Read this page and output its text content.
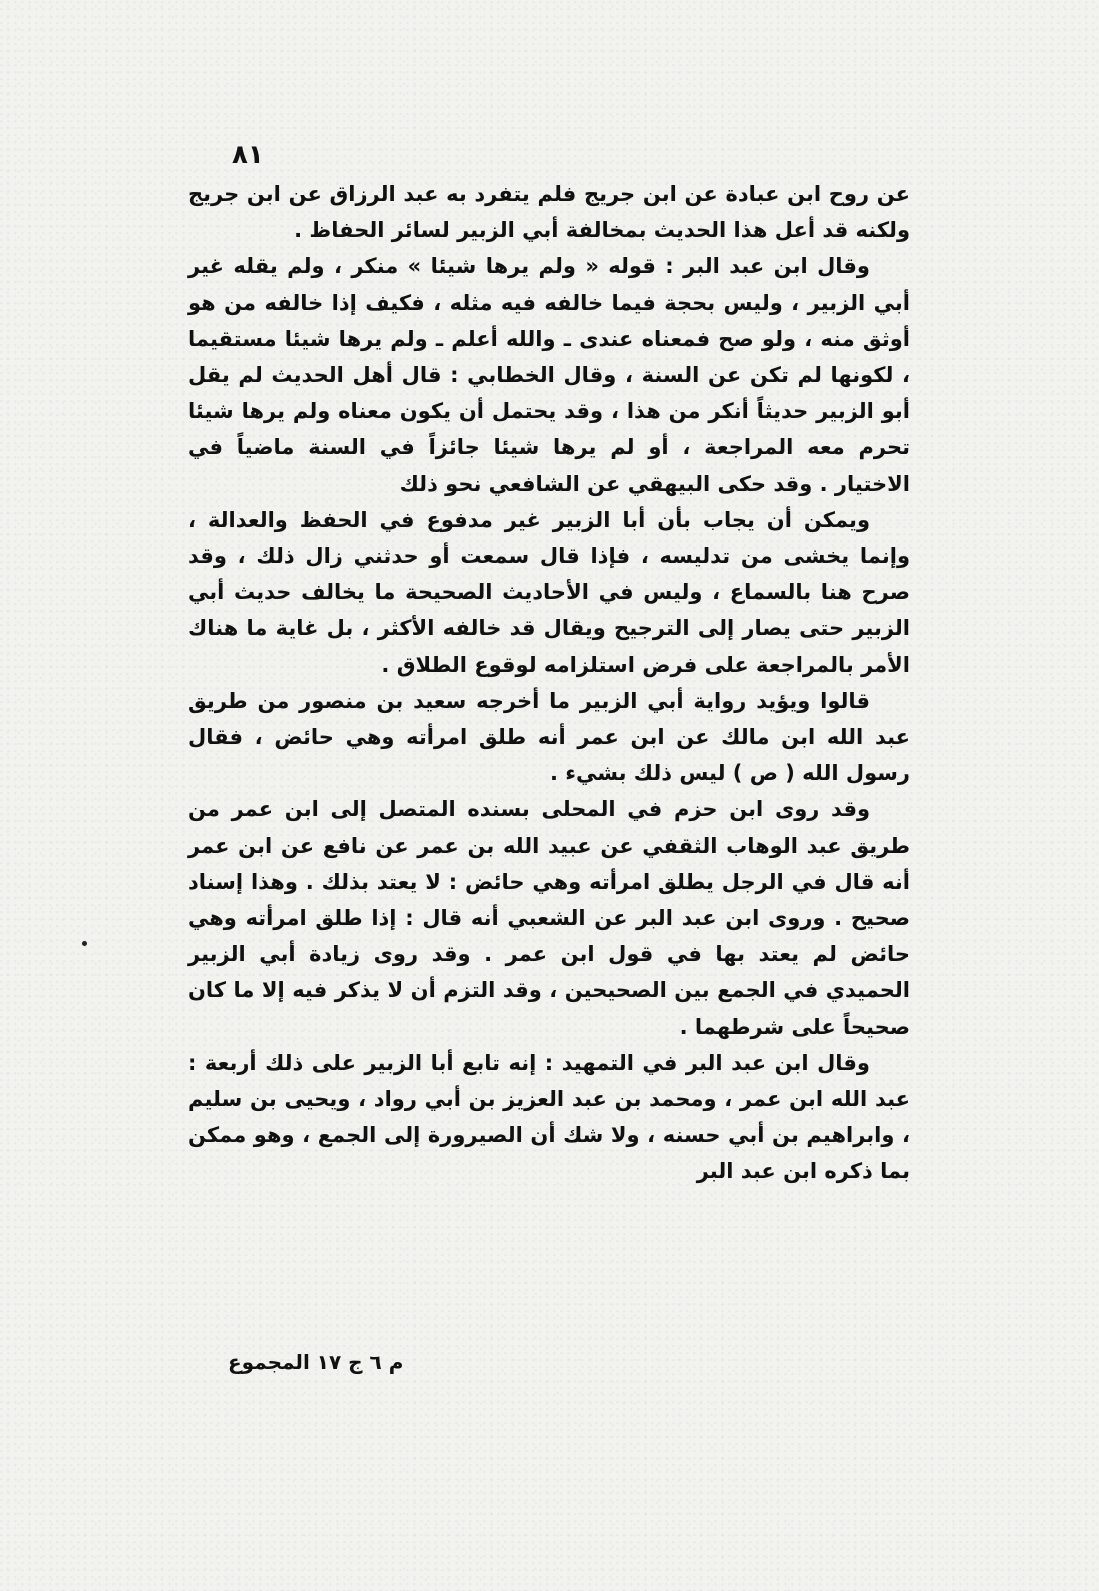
٨١

عن روح ابن عبادة عن ابن جريج فلم يتفرد به عبد الرزاق عن ابن جريج ولكنه قد أعل هذا الحديث بمخالفة أبي الزبير لسائر الحفاظ .

وقال ابن عبد البر : قوله « ولم يرها شيئا » منكر ، ولم يقله غير أبي الزبير ، وليس بحجة فيما خالفه فيه مثله ، فكيف إذا خالفه من هو أوثق منه ، ولو صح فمعناه عندى ـ والله أعلم ـ ولم يرها شيئا مستقيما ، لكونها لم تكن عن السنة ، وقال الخطابي : قال أهل الحديث لم يقل أبو الزبير حديثاً أنكر من هذا ، وقد يحتمل أن يكون معناه ولم يرها شيئا تحرم معه المراجعة ، أو لم يرها شيئا جائزاً في السنة ماضياً في الاختيار . وقد حكى البيهقي عن الشافعي نحو ذلك

ويمكن أن يجاب بأن أبا الزبير غير مدفوع في الحفظ والعدالة ، وإنما يخشى من تدليسه ، فإذا قال سمعت أو حدثني زال ذلك ، وقد صرح هنا بالسماع ، وليس في الأحاديث الصحيحة ما يخالف حديث أبي الزبير حتى يصار إلى الترجيح ويقال قد خالفه الأكثر ، بل غاية ما هناك الأمر بالمراجعة على فرض استلزامه لوقوع الطلاق .

قالوا ويؤيد رواية أبي الزبير ما أخرجه سعيد بن منصور من طريق عبد الله ابن مالك عن ابن عمر أنه طلق امرأته وهي حائض ، فقال رسول الله ( ص ) ليس ذلك بشيء .

وقد روى ابن حزم في المحلى بسنده المتصل إلى ابن عمر من طريق عبد الوهاب الثقفي عن عبيد الله بن عمر عن نافع عن ابن عمر أنه قال في الرجل يطلق امرأته وهي حائض : لا يعتد بذلك . وهذا إسناد صحيح . وروى ابن عبد البر عن الشعبي أنه قال : إذا طلق امرأته وهي حائض لم يعتد بها في قول ابن عمر . وقد روى زيادة أبي الزبير الحميدي في الجمع بين الصحيحين ، وقد التزم أن لا يذكر فيه إلا ما كان صحيحاً على شرطهما .

وقال ابن عبد البر في التمهيد : إنه تابع أبا الزبير على ذلك أربعة : عبد الله ابن عمر ، ومحمد بن عبد العزيز بن أبي رواد ، ويحيى بن سليم ، وابراهيم بن أبي حسنه ، ولا شك أن الصيرورة إلى الجمع ، وهو ممكن بما ذكره ابن عبد البر

م ٦ ج ١٧ المجموع
